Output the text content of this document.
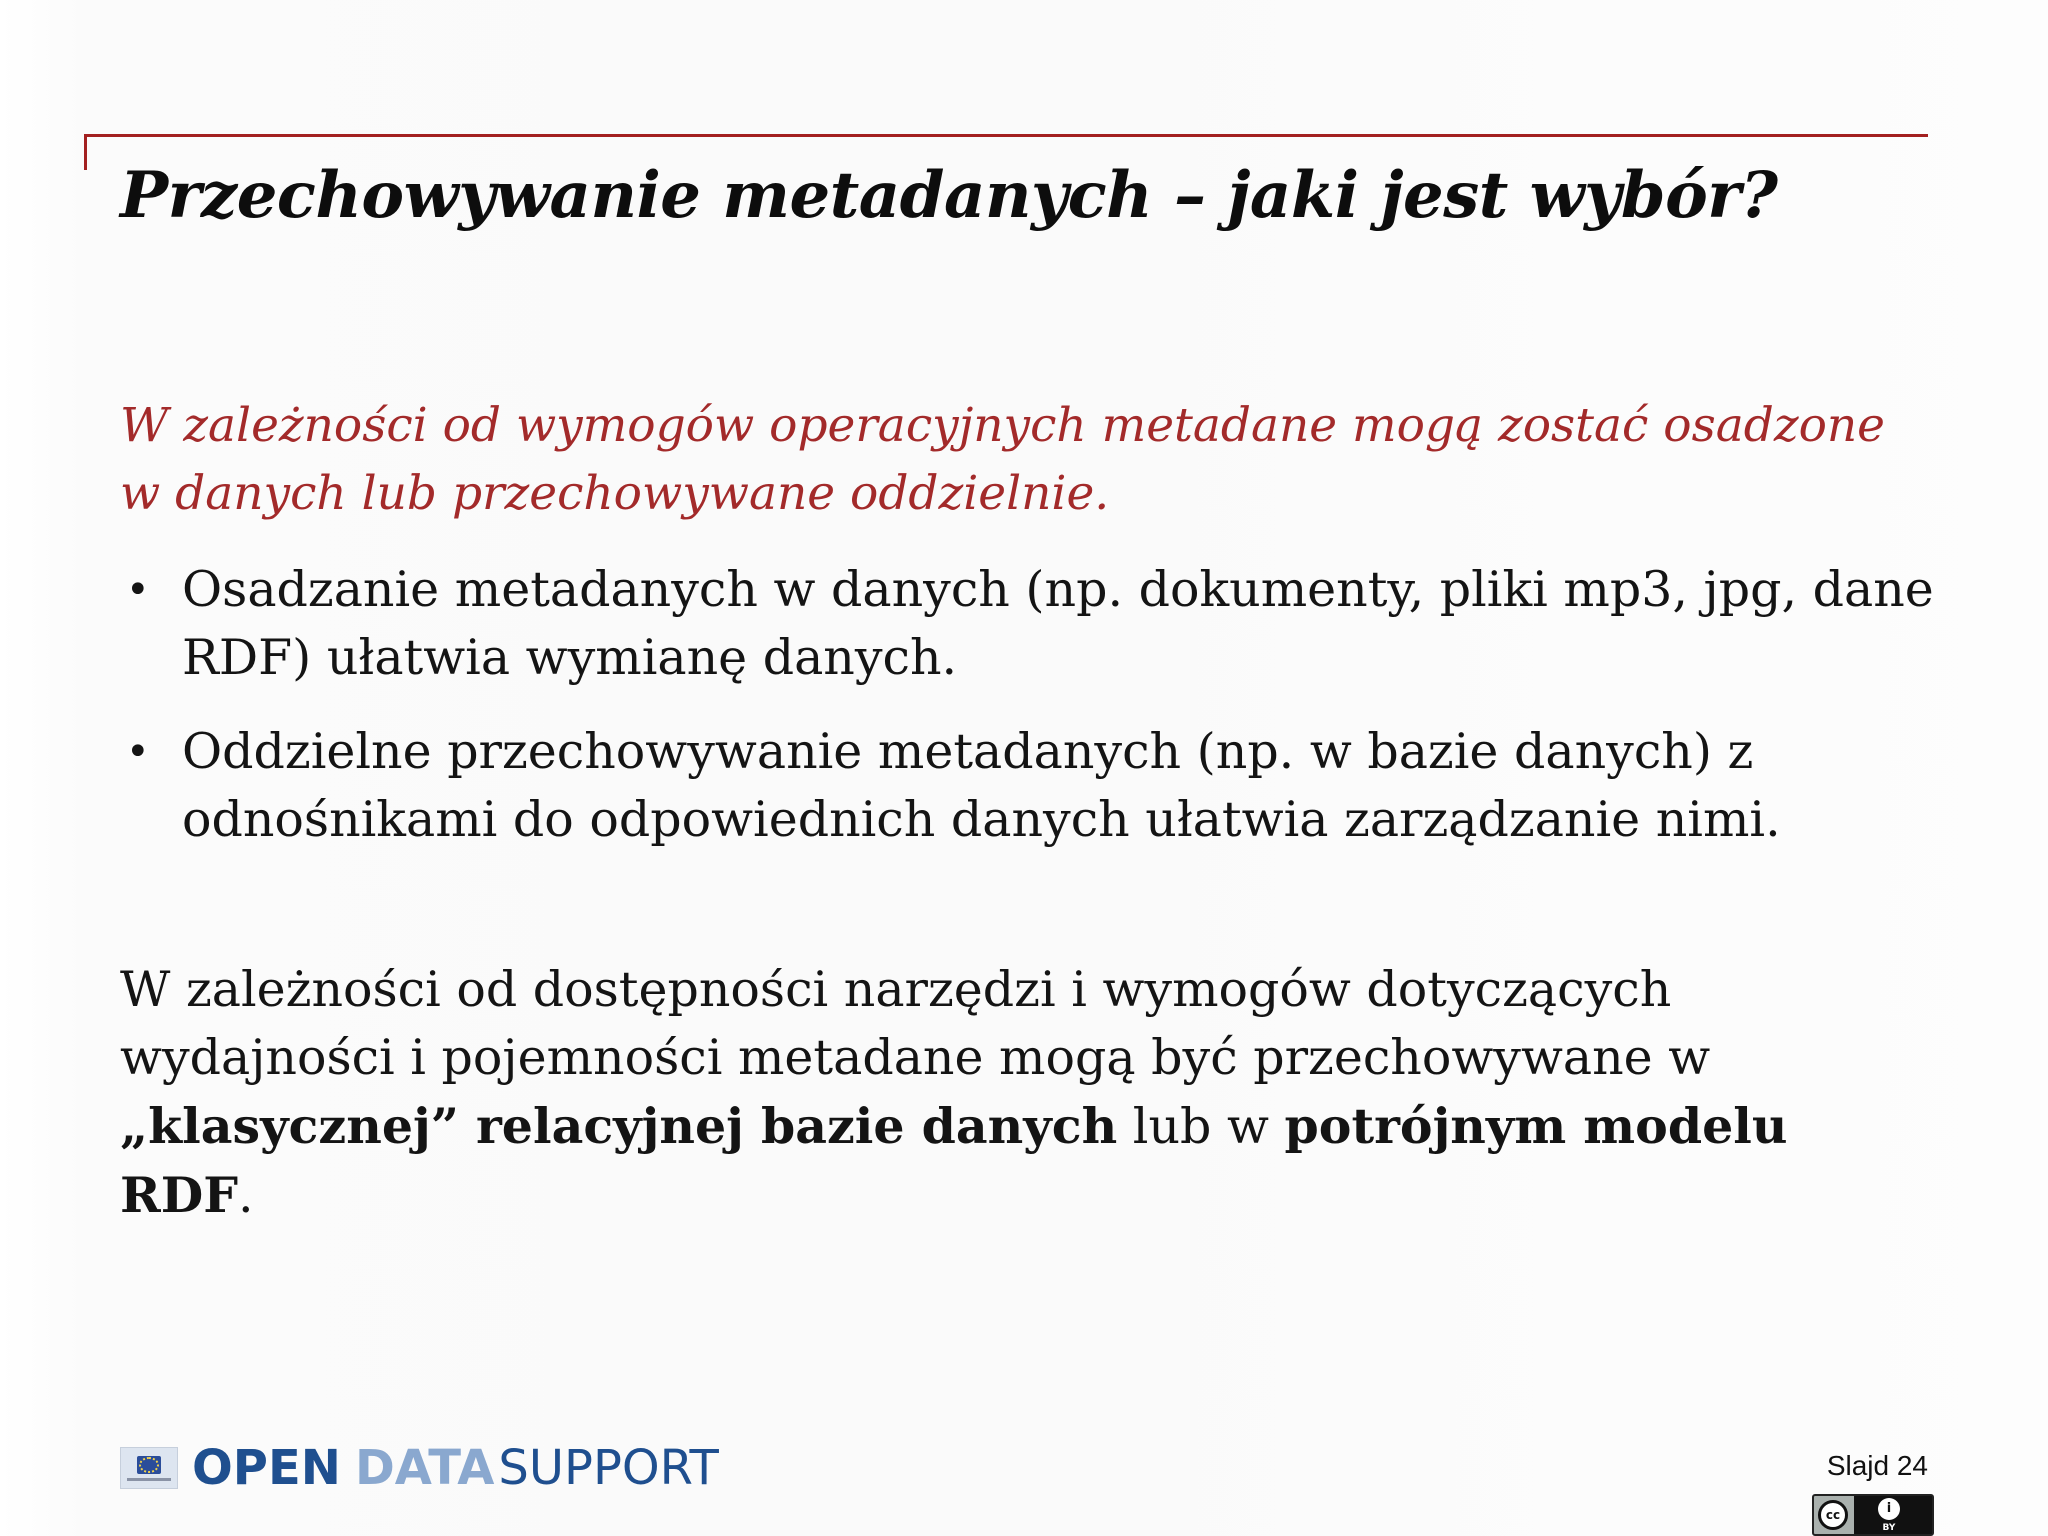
Przechowywanie metadanych – jaki jest wybór?

W zależności od wymogów operacyjnych metadane mogą zostać osadzone w danych lub przechowywane oddzielnie.

• Osadzanie metadanych w danych (np. dokumenty, pliki mp3, jpg, dane RDF) ułatwia wymianę danych.
• Oddzielne przechowywanie metadanych (np. w bazie danych) z odnośnikami do odpowiednich danych ułatwia zarządzanie nimi.

W zależności od dostępności narzędzi i wymogów dotyczących wydajności i pojemności metadane mogą być przechowywane w „klasycznej” relacyjnej bazie danych lub w potrójnym modelu RDF.

OPEN DATASUPPORT	Slajd 24
cc	i
BY
